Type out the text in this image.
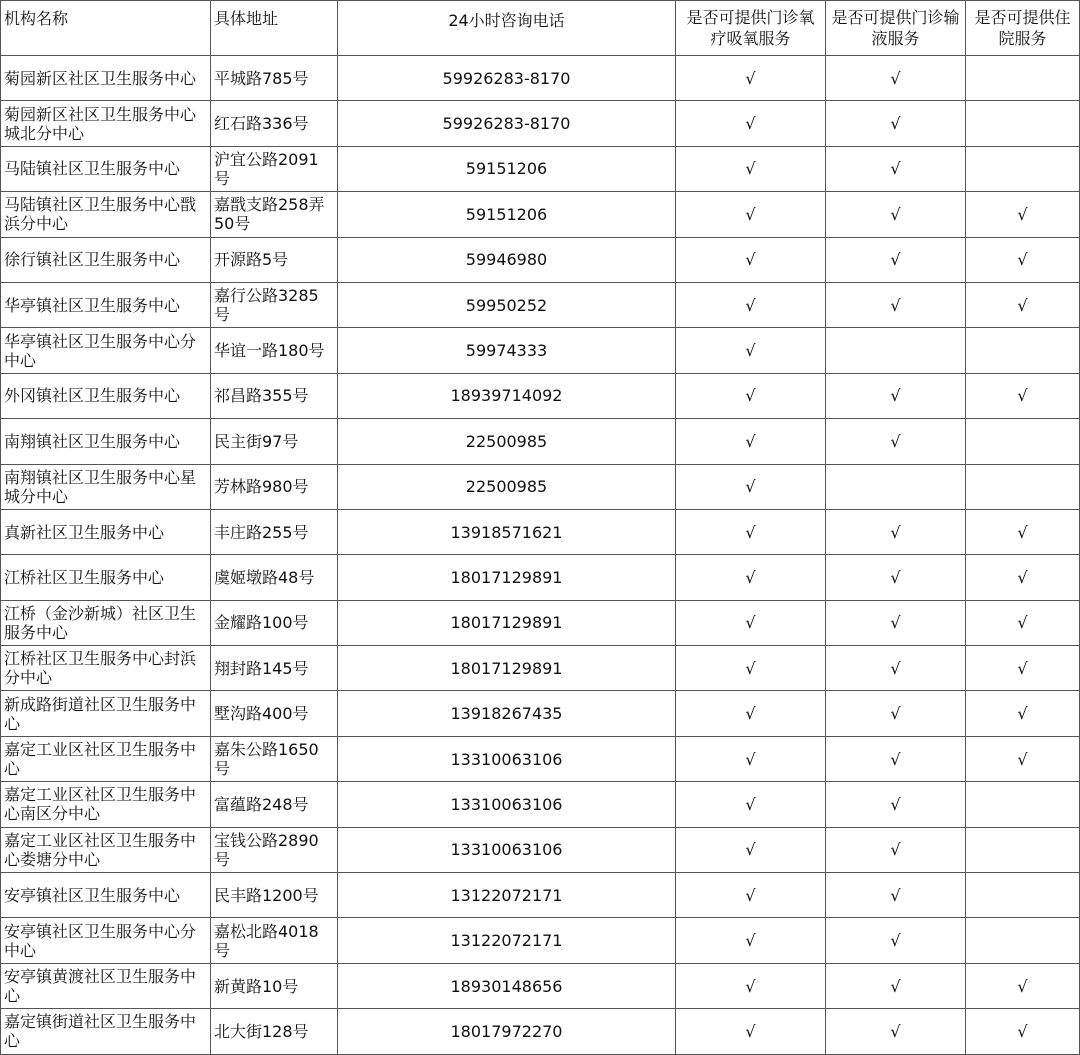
机构名称	具体地址	24小时咨询电话	是否可提供门诊氧疗吸氧服务	是否可提供门诊输液服务	是否可提供住院服务
菊园新区社区卫生服务中心	平城路785号	59926283-8170	√	√	
菊园新区社区卫生服务中心城北分中心	红石路336号	59926283-8170	√	√	
马陆镇社区卫生服务中心	沪宜公路2091号	59151206	√	√	
马陆镇社区卫生服务中心戬浜分中心	嘉戬支路258弄50号	59151206	√	√	√
徐行镇社区卫生服务中心	开源路5号	59946980	√	√	√
华亭镇社区卫生服务中心	嘉行公路3285号	59950252	√	√	√
华亭镇社区卫生服务中心分中心	华谊一路180号	59974333	√		
外冈镇社区卫生服务中心	祁昌路355号	18939714092	√	√	√
南翔镇社区卫生服务中心	民主街97号	22500985	√	√	
南翔镇社区卫生服务中心星城分中心	芳林路980号	22500985	√		
真新社区卫生服务中心	丰庄路255号	13918571621	√	√	√
江桥社区卫生服务中心	虞姬墩路48号	18017129891	√	√	√
江桥（金沙新城）社区卫生服务中心	金耀路100号	18017129891	√	√	√
江桥社区卫生服务中心封浜分中心	翔封路145号	18017129891	√	√	√
新成路街道社区卫生服务中心	墅沟路400号	13918267435	√	√	√
嘉定工业区社区卫生服务中心	嘉朱公路1650号	13310063106	√	√	√
嘉定工业区社区卫生服务中心南区分中心	富蕴路248号	13310063106	√	√	
嘉定工业区社区卫生服务中心娄塘分中心	宝钱公路2890号	13310063106	√	√	
安亭镇社区卫生服务中心	民丰路1200号	13122072171	√	√	
安亭镇社区卫生服务中心分中心	嘉松北路4018号	13122072171	√	√	
安亭镇黄渡社区卫生服务中心	新黄路10号	18930148656	√	√	√
嘉定镇街道社区卫生服务中心	北大街128号	18017972270	√	√	√
